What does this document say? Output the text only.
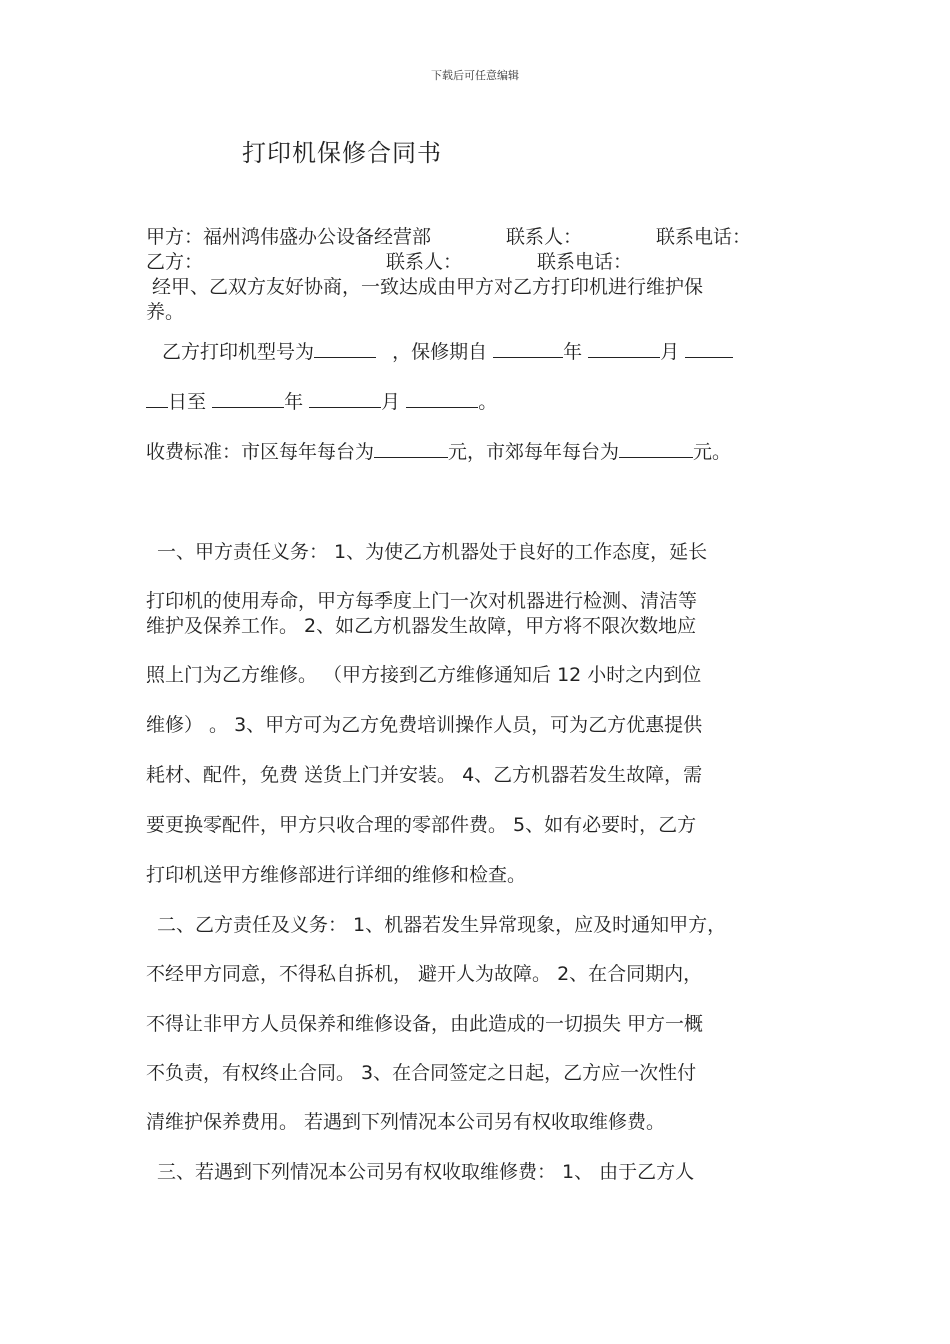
下载后可任意编辑
打印机保修合同书
甲方：福州鸿伟盛办公设备经营部	联系人：	联系电话：
乙方：	联系人：	联系电话：
经甲、乙双方友好协商，一致达成由甲方对乙方打印机进行维护保
养。
乙方打印机型号为	，保修期自	年	月
日至	年	月	。
收费标准：市区每年每台为	元，市郊每年每台为	元。
一、甲方责任义务： 1、为使乙方机器处于良好的工作态度，延长
打印机的使用寿命，甲方每季度上门一次对机器进行检测、清洁等
维护及保养工作。 2、如乙方机器发生故障，甲方将不限次数地应
照上门为乙方维修。 （甲方接到乙方维修通知后 12 小时之内到位
维修） 。 3、甲方可为乙方免费培训操作人员，可为乙方优惠提供
耗材、配件，免费 送货上门并安装。 4、乙方机器若发生故障，需
要更换零配件，甲方只收合理的零部件费。 5、如有必要时，乙方
打印机送甲方维修部进行详细的维修和检查。
二、乙方责任及义务： 1、机器若发生异常现象，应及时通知甲方，
不经甲方同意，不得私自拆机， 避开人为故障。 2、在合同期内，
不得让非甲方人员保养和维修设备，由此造成的一切损失 甲方一概
不负责，有权终止合同。 3、在合同签定之日起，乙方应一次性付
清维护保养费用。 若遇到下列情况本公司另有权收取维修费。
三、若遇到下列情况本公司另有权收取维修费： 1、 由于乙方人
